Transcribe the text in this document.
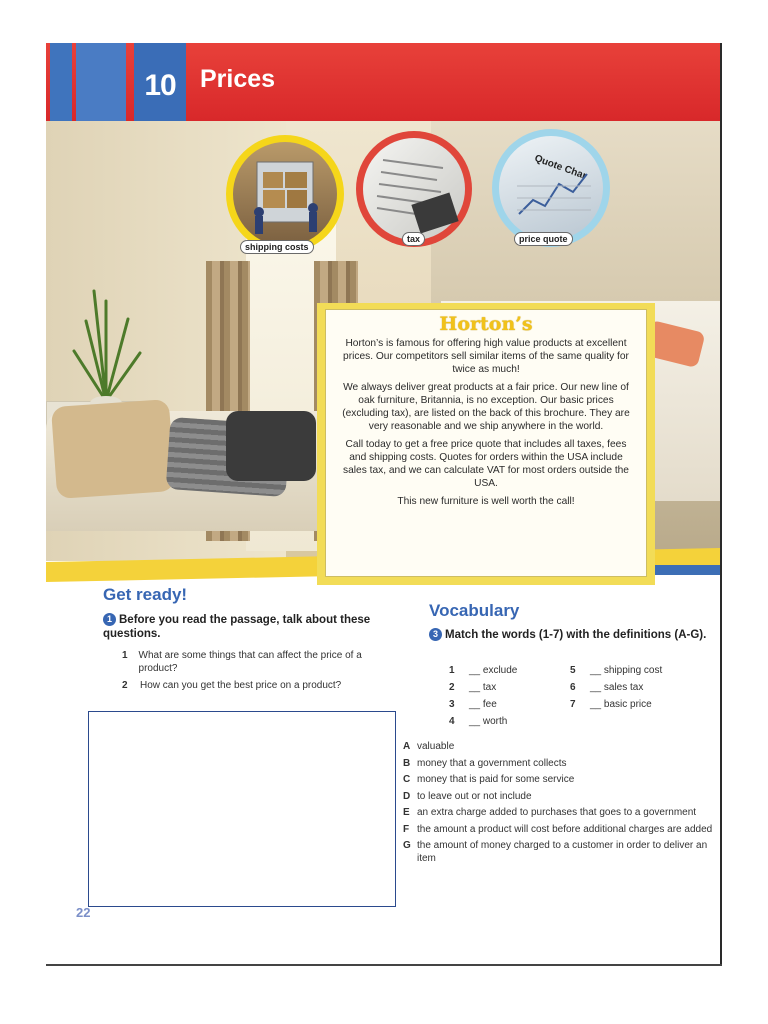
10 Prices
shipping costs
tax
Quote Char
price quote
Horton’s

Horton’s is famous for offering high value products at excellent prices. Our competitors sell similar items of the same quality for twice as much!

We always deliver great products at a fair price. Our new line of oak furniture, Britannia, is no exception. Our basic prices (excluding tax), are listed on the back of this brochure. They are very reasonable and we ship anywhere in the world.

Call today to get a free price quote that includes all taxes, fees and shipping costs. Quotes for orders within the USA include sales tax, and we can calculate VAT for most orders outside the USA.

This new furniture is well worth the call!

Get ready!
1 Before you read the passage, talk about these questions.
1	What are some things that can affect the price of a product?
2	How can you get the best price on a product?
22
Vocabulary
3 Match the words (1-7) with the definitions (A-G).
1 __ exclude
2 __ tax
3 __ fee
4 __ worth
5 __ shipping cost
6 __ sales tax
7 __ basic price
A valuable
B money that a government collects
C money that is paid for some service
D to leave out or not include
E an extra charge added to purchases that goes to a government
F the amount a product will cost before additional charges are added
G the amount of money charged to a customer in order to deliver an item
